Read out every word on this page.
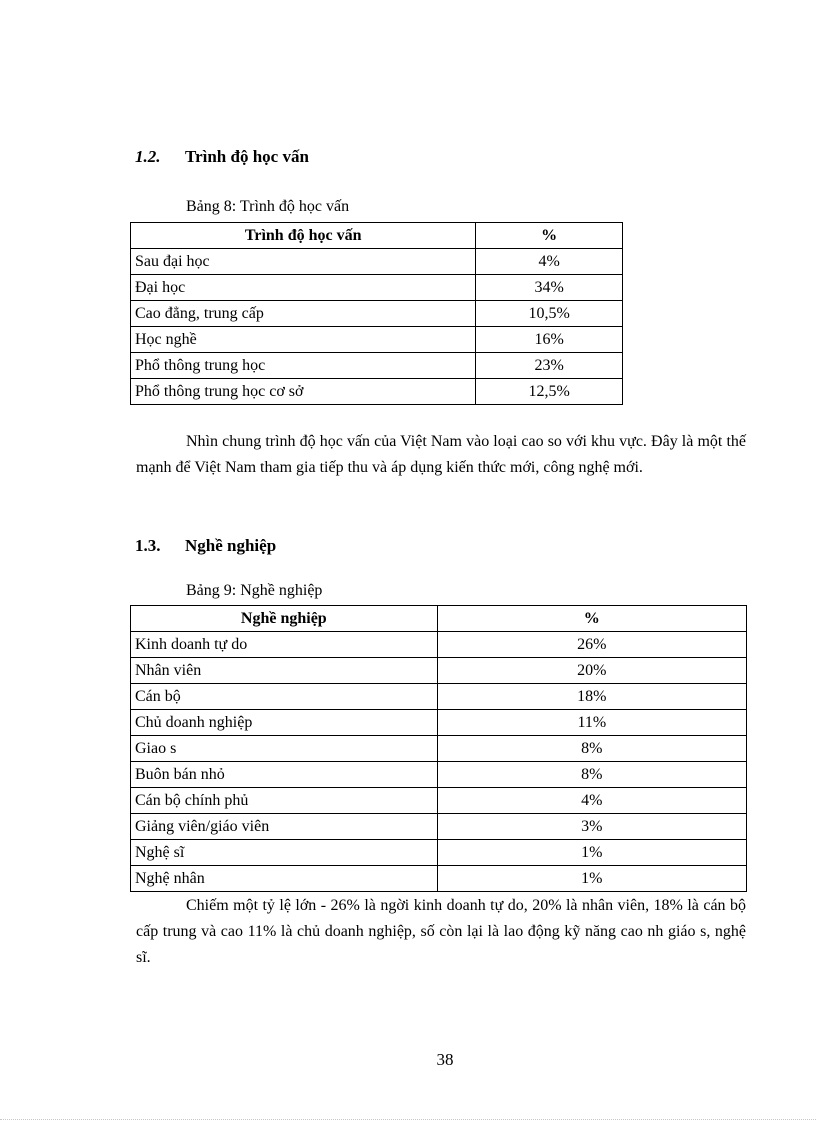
1.2. Trình độ học vấn
Bảng 8: Trình độ học vấn
Trình độ học vấn	%
Sau đại học	4%
Đại học	34%
Cao đẳng, trung cấp	10,5%
Học nghề	16%
Phổ thông trung học	23%
Phổ thông trung học cơ sở	12,5%
Nhìn chung trình độ học vấn của Việt Nam vào loại cao so với khu vực. Đây là một thế mạnh để Việt Nam tham gia tiếp thu và áp dụng kiến thức mới, công nghệ mới.
1.3. Nghề nghiệp
Bảng 9: Nghề nghiệp
Nghề nghiệp	%
Kinh doanh tự do	26%
Nhân viên	20%
Cán bộ	18%
Chủ doanh nghiệp	11%
Giao s	8%
Buôn bán nhỏ	8%
Cán bộ chính phủ	4%
Giảng viên/giáo viên	3%
Nghệ sĩ	1%
Nghệ nhân	1%
Chiếm một tỷ lệ lớn - 26% là ngời kinh doanh tự do, 20% là nhân viên, 18% là cán bộ cấp trung và cao 11% là chủ doanh nghiệp, số còn lại là lao động kỹ năng cao nh giáo s, nghệ sĩ.
38
